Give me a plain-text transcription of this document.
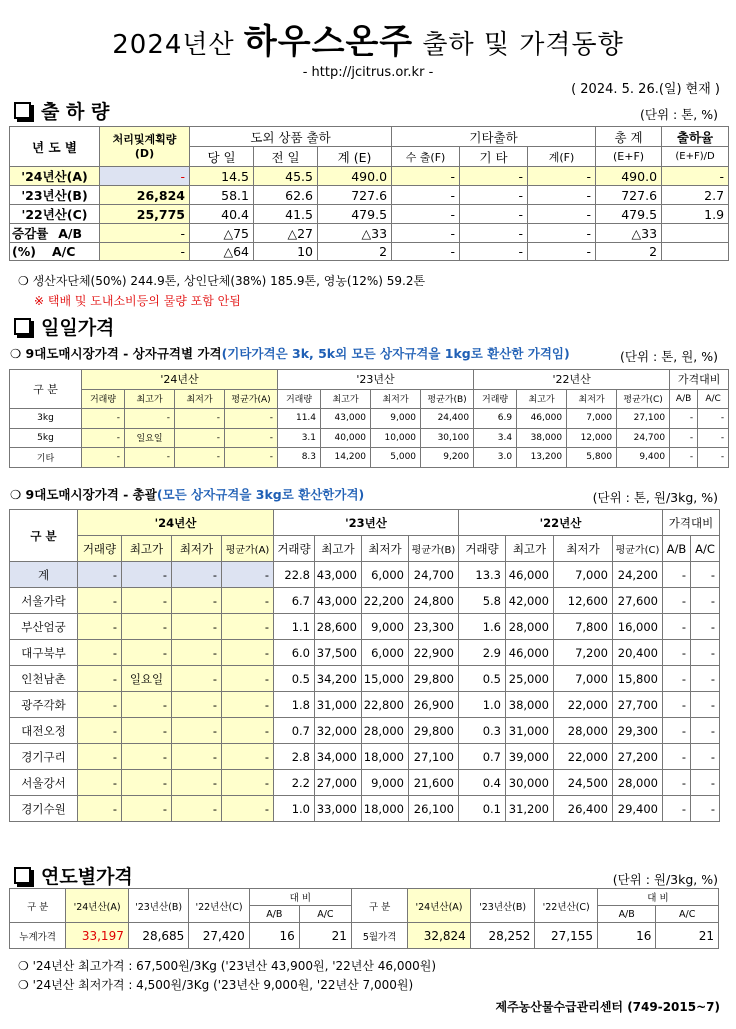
2024년산 하우스온주 출하 및 가격동향
- http://jcitrus.or.kr -
( 2024. 5. 26.(일) 현재 )
출 하 량	(단위 : 톤, %)
년 도 별	처리및계획량
(D)	도외 상품 출하			기타출하			총 계	출하율
		당 일	전 일	계 (E)	수 출(F)	기 타	계(F)	(E+F)	(E+F)/D
'24년산(A)	-	14.5	45.5	490.0	-	-	-	490.0	-
'23년산(B)	26,824	58.1	62.6	727.6	-	-	-	727.6	2.7
'22년산(C)	25,775	40.4	41.5	479.5	-	-	-	479.5	1.9
증감률 A/B	-	△75	△27	△33	-	-	-	△33	
(%) A/C	-	△64	10	2	-	-	-	2	
❍ 생산자단체(50%) 244.9톤, 상인단체(38%) 185.9톤, 영농(12%) 59.2톤
※ 택배 및 도내소비등의 물량 포함 안됨
일일가격
❍ 9대도매시장가격 - 상자규격별 가격(기타가격은 3k, 5k외 모든 상자규격을 1kg로 환산한 가격임)	(단위 : 톤, 원, %)
구 분	'24년산				'23년산				'22년산				가격대비	
	거래량	최고가	최저가	평균가(A)	거래량	최고가	최저가	평균가(B)	거래량	최고가	최저가	평균가(C)	A/B	A/C
3kg	-	-	-	-	11.4	43,000	9,000	24,400	6.9	46,000	7,000	27,100	-	-
5kg	-	일요일	-	-	3.1	40,000	10,000	30,100	3.4	38,000	12,000	24,700	-	-
기타	-	-	-	-	8.3	14,200	5,000	9,200	3.0	13,200	5,800	9,400	-	-
❍ 9대도매시장가격 - 총괄(모든 상자규격을 3kg로 환산한가격)	(단위 : 톤, 원/3kg, %)
구 분	'24년산				'23년산				'22년산				가격대비	
	거래량	최고가	최저가	평균가(A)	거래량	최고가	최저가	평균가(B)	거래량	최고가	최저가	평균가(C)	A/B	A/C
계	-	-	-	-	22.8	43,000	6,000	24,700	13.3	46,000	7,000	24,200	-	-
서울가락	-	-	-	-	6.7	43,000	22,200	24,800	5.8	42,000	12,600	27,600	-	-
부산엄궁	-	-	-	-	1.1	28,600	9,000	23,300	1.6	28,000	7,800	16,000	-	-
대구북부	-	-	-	-	6.0	37,500	6,000	22,900	2.9	46,000	7,200	20,400	-	-
인천남촌	-	일요일	-	-	0.5	34,200	15,000	29,800	0.5	25,000	7,000	15,800	-	-
광주각화	-	-	-	-	1.8	31,000	22,800	26,900	1.0	38,000	22,000	27,700	-	-
대전오정	-	-	-	-	0.7	32,000	28,000	29,800	0.3	31,000	28,000	29,300	-	-
경기구리	-	-	-	-	2.8	34,000	18,000	27,100	0.7	39,000	22,000	27,200	-	-
서울강서	-	-	-	-	2.2	27,000	9,000	21,600	0.4	30,000	24,500	28,000	-	-
경기수원	-	-	-	-	1.0	33,000	18,000	26,100	0.1	31,200	26,400	29,400	-	-
연도별가격	(단위 : 원/3kg, %)
구 분	'24년산(A)	'23년산(B)	'22년산(C)	대 비		구 분	'24년산(A)	'23년산(B)	'22년산(C)	대 비	
				A/B	A/C					A/B	A/C
누계가격	33,197	28,685	27,420	16	21	5월가격	32,824	28,252	27,155	16	21
❍ '24년산 최고가격 : 67,500원/3Kg ('23년산 43,900원, '22년산 46,000원)
❍ '24년산 최저가격 : 4,500원/3Kg ('23년산 9,000원, '22년산 7,000원)
제주농산물수급관리센터 (749-2015~7)
